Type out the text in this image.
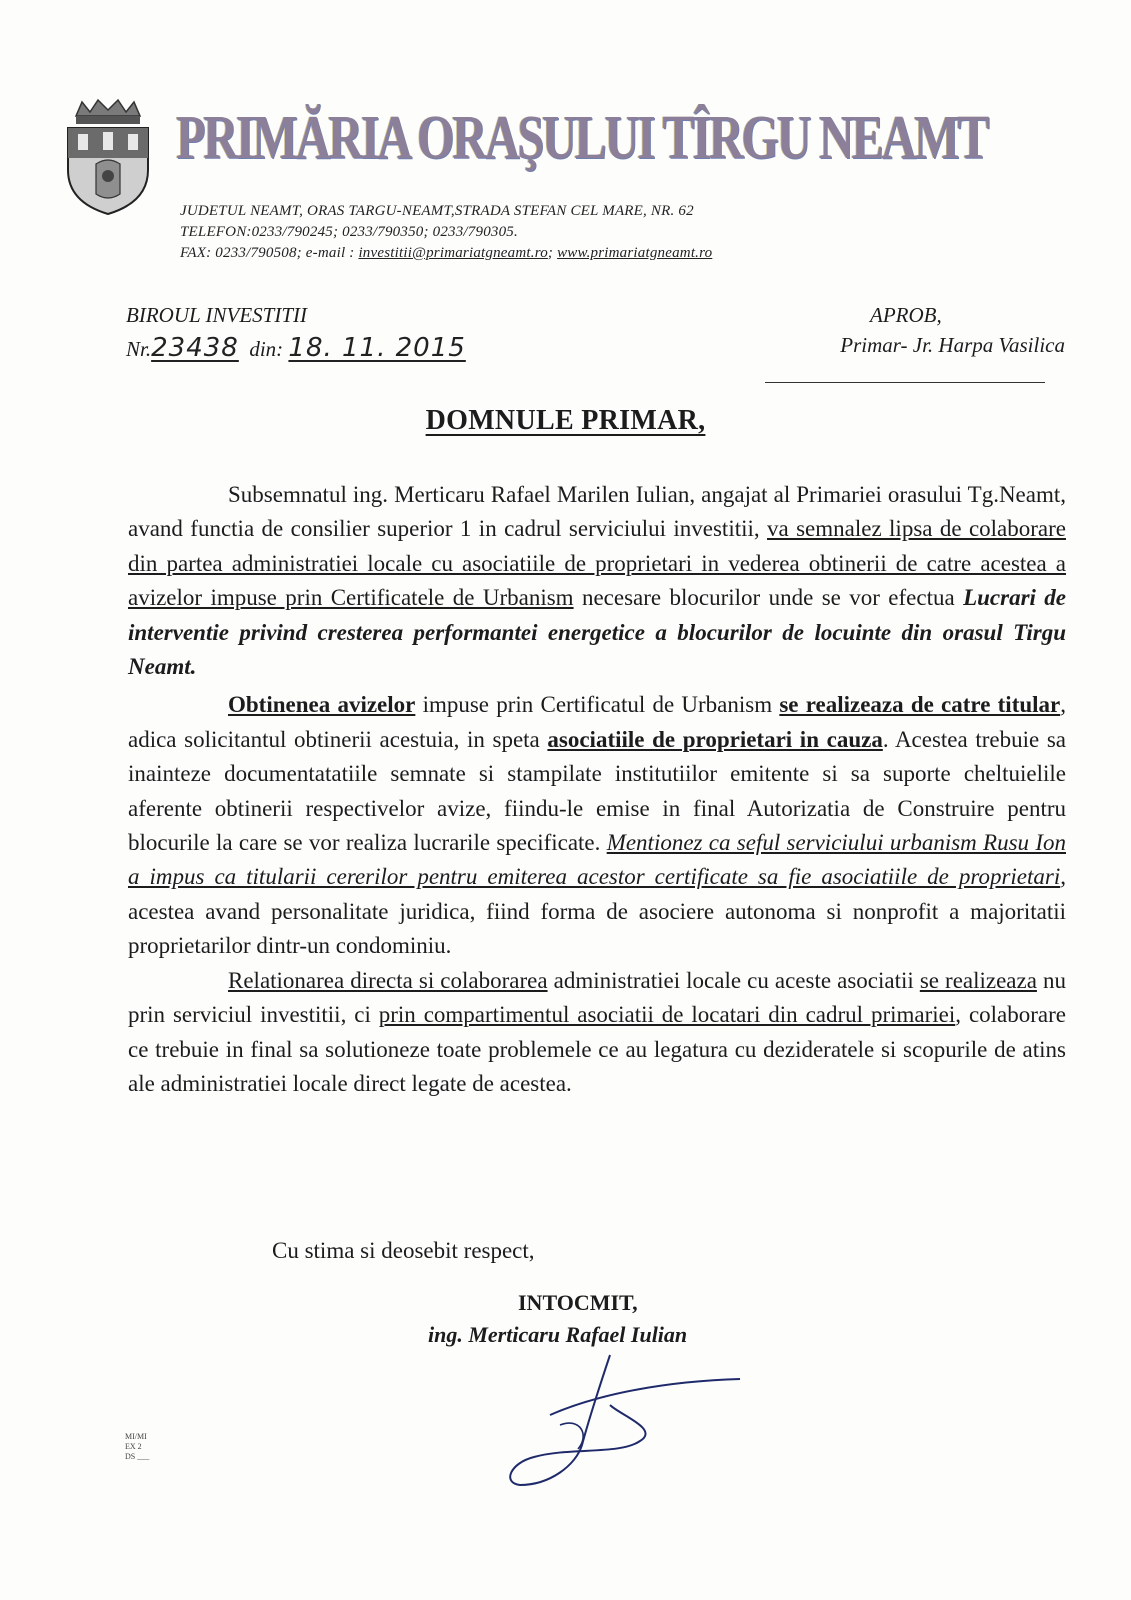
PRIMĂRIA ORAŞULUI TÎRGU NEAMT
JUDETUL NEAMT, ORAS TARGU-NEAMT,STRADA STEFAN CEL MARE, NR. 62
TELEFON:0233/790245; 0233/790350; 0233/790305.
FAX: 0233/790508; e-mail : investitii@primariatgneamt.ro; www.primariatgneamt.ro
BIROUL INVESTITII
Nr.23438 din: 18. 11. 2015
APROB,
Primar- Jr. Harpa Vasilica
DOMNULE PRIMAR,

Subsemnatul ing. Merticaru Rafael Marilen Iulian, angajat al Primariei orasului Tg.Neamt, avand functia de consilier superior 1 in cadrul serviciului investitii, va semnalez lipsa de colaborare din partea administratiei locale cu asociatiile de proprietari in vederea obtinerii de catre acestea a avizelor impuse prin Certificatele de Urbanism necesare blocurilor unde se vor efectua Lucrari de interventie privind cresterea performantei energetice a blocurilor de locuinte din orasul Tirgu Neamt.

Obtinenea avizelor impuse prin Certificatul de Urbanism se realizeaza de catre titular, adica solicitantul obtinerii acestuia, in speta asociatiile de proprietari in cauza. Acestea trebuie sa inainteze documentatatiile semnate si stampilate institutiilor emitente si sa suporte cheltuielile aferente obtinerii respectivelor avize, fiindu-le emise in final Autorizatia de Construire pentru blocurile la care se vor realiza lucrarile specificate. Mentionez ca seful serviciului urbanism Rusu Ion a impus ca titularii cererilor pentru emiterea acestor certificate sa fie asociatiile de proprietari, acestea avand personalitate juridica, fiind forma de asociere autonoma si nonprofit a majoritatii proprietarilor dintr-un condominiu.

Relationarea directa si colaborarea administratiei locale cu aceste asociatii se realizeaza nu prin serviciul investitii, ci prin compartimentul asociatii de locatari din cadrul primariei, colaborare ce trebuie in final sa solutioneze toate problemele ce au legatura cu dezideratele si scopurile de atins ale administratiei locale direct legate de acestea.

Cu stima si deosebit respect,
INTOCMIT,
ing. Merticaru Rafael Iulian
MI/MI
EX 2
DS ___
